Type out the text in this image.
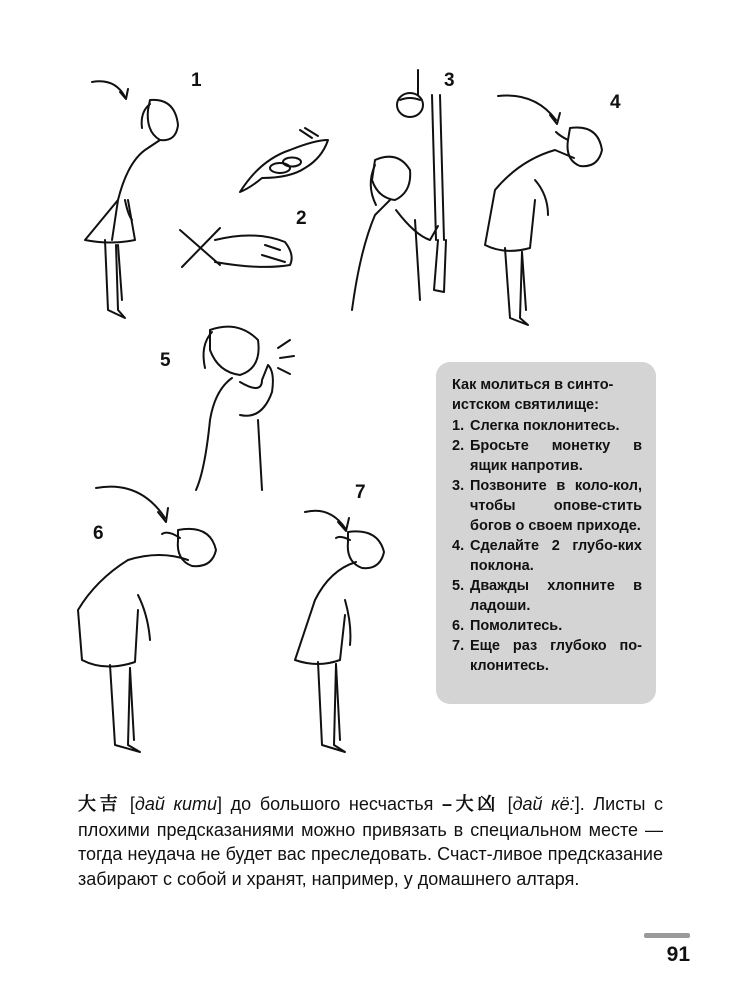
1
2
3
4
5
6
7
Как молиться в синто-истском святилище:
1. Слегка поклонитесь.
2. Бросьте монетку в ящик напротив.
3. Позвоните в коло-кол, чтобы опове-стить богов о своем приходе.
4. Сделайте 2 глубо-ких поклона.
5. Дважды хлопните в ладоши.
6. Помолитесь.
7. Еще раз глубоко по-клонитесь.
大吉 [дай кити] до большого несчастья –大凶 [дай кё:]. Листы с плохими предсказаниями можно привязать в специальном месте — тогда неудача не будет вас преследовать. Счаст-ливое предсказание забирают с собой и хранят, например, у домашнего алтаря.
91
